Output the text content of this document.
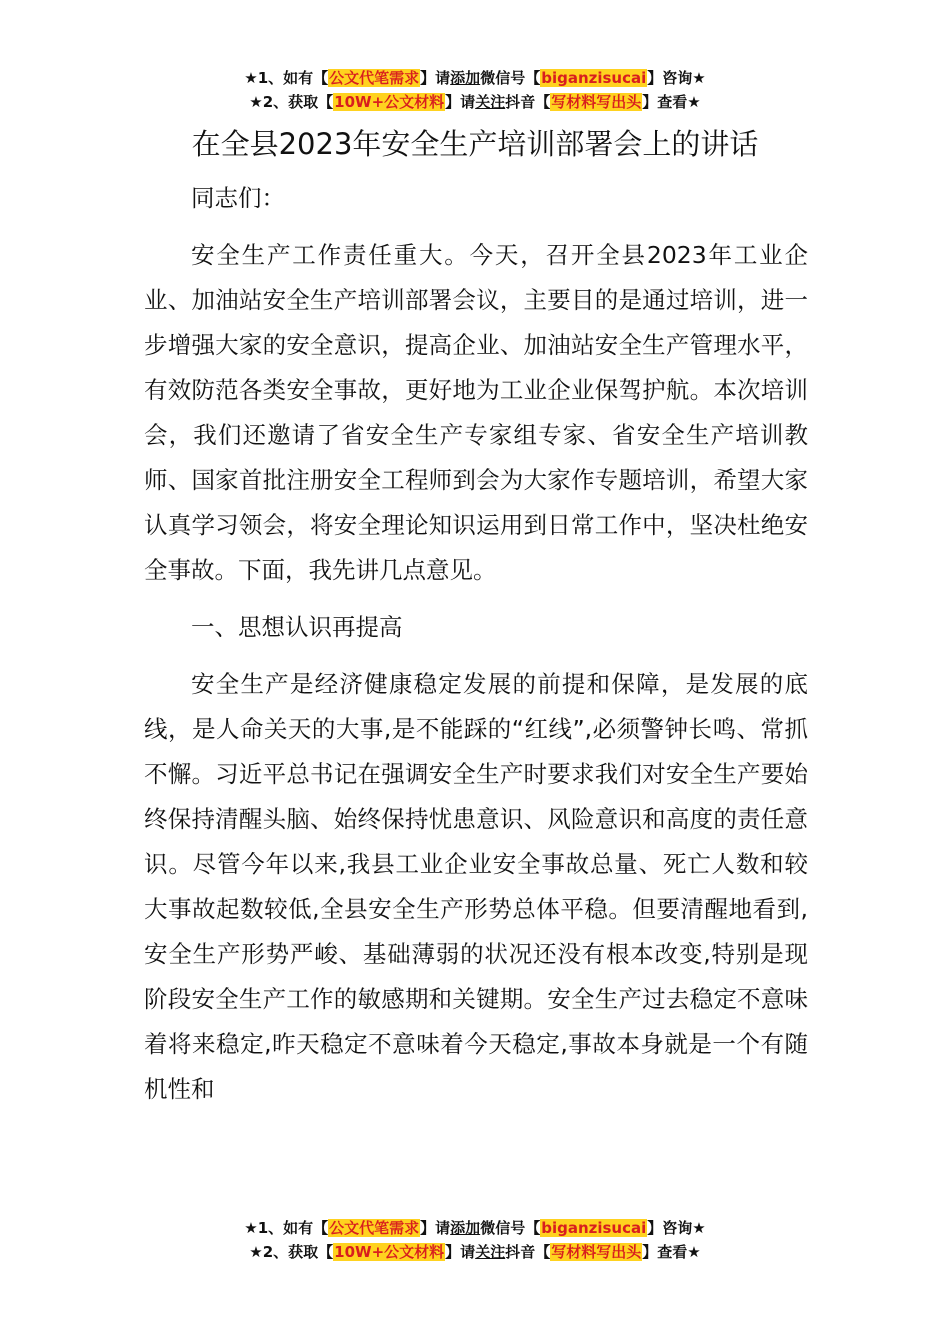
★1、如有【公文代笔需求】请添加微信号【biganzisucai】咨询★
★2、获取【10W+公文材料】请关注抖音【写材料写出头】查看★
在全县2023年安全生产培训部署会上的讲话

同志们：

安全生产工作责任重大。今天，召开全县2023年工业企业、加油站安全生产培训部署会议，主要目的是通过培训，进一步增强大家的安全意识，提高企业、加油站安全生产管理水平，有效防范各类安全事故，更好地为工业企业保驾护航。本次培训会，我们还邀请了省安全生产专家组专家、省安全生产培训教师、国家首批注册安全工程师到会为大家作专题培训，希望大家认真学习领会，将安全理论知识运用到日常工作中，坚决杜绝安全事故。下面，我先讲几点意见。

一、思想认识再提高

安全生产是经济健康稳定发展的前提和保障，是发展的底线，是人命关天的大事,是不能踩的“红线”,必须警钟长鸣、常抓不懈。习近平总书记在强调安全生产时要求我们对安全生产要始终保持清醒头脑、始终保持忧患意识、风险意识和高度的责任意识。尽管今年以来,我县工业企业安全事故总量、死亡人数和较大事故起数较低,全县安全生产形势总体平稳。但要清醒地看到,安全生产形势严峻、基础薄弱的状况还没有根本改变,特别是现阶段安全生产工作的敏感期和关键期。安全生产过去稳定不意味着将来稳定,昨天稳定不意味着今天稳定,事故本身就是一个有随机性和

★1、如有【公文代笔需求】请添加微信号【biganzisucai】咨询★
★2、获取【10W+公文材料】请关注抖音【写材料写出头】查看★
